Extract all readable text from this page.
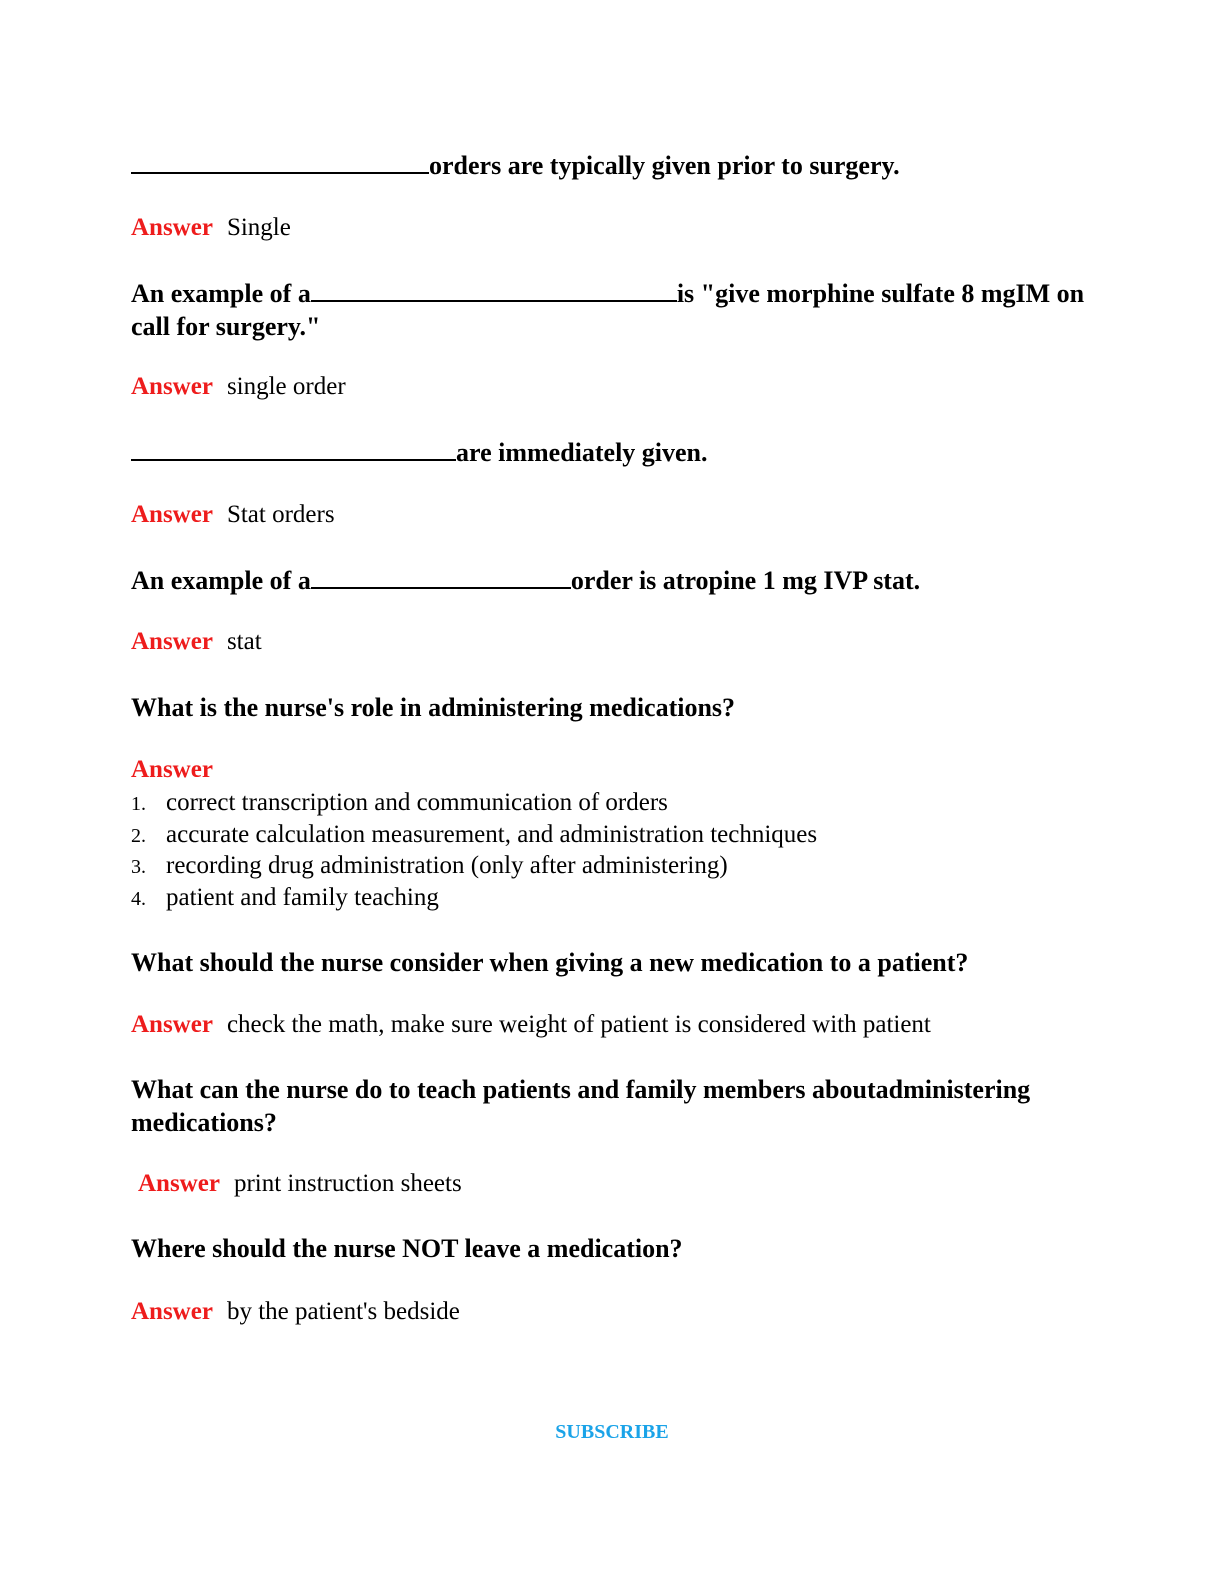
orders are typically given prior to surgery.
Answer Single
An example of a	is "give morphine sulfate 8 mgIM on call for surgery."
Answer single order
are immediately given.
Answer Stat orders
An example of a	order is atropine 1 mg IVP stat.
Answer stat
What is the nurse's role in administering medications?
Answer
1. correct transcription and communication of orders
2. accurate calculation measurement, and administration techniques
3. recording drug administration (only after administering)
4. patient and family teaching
What should the nurse consider when giving a new medication to a patient?
Answer check the math, make sure weight of patient is considered with patient
What can the nurse do to teach patients and family members aboutadministering medications?
Answer print instruction sheets
Where should the nurse NOT leave a medication?
Answer by the patient's bedside
SUBSCRIBE
